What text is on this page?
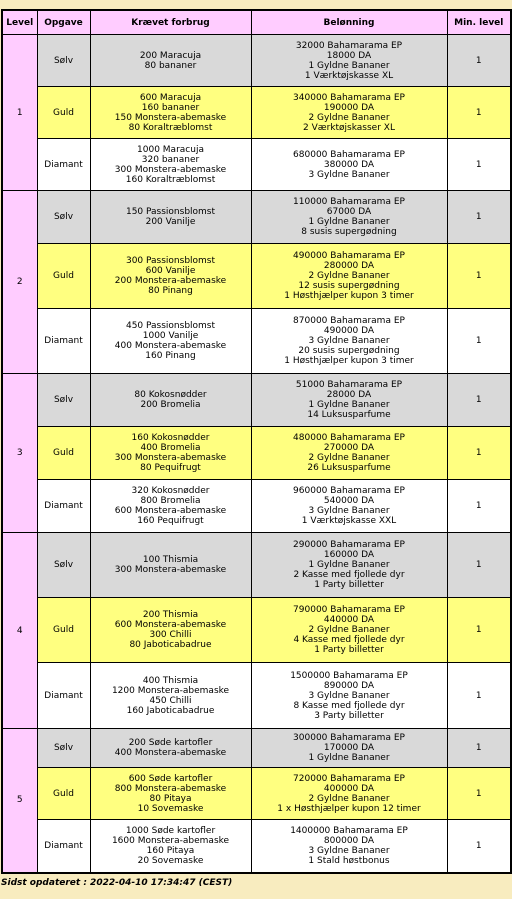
Level	Opgave	Krævet forbrug	Belønning	Min. level
1	Sølv	200 Maracuja
80 bananer	32000 Bahamarama EP
18000 DA
1 Gyldne Bananer
1 Værktøjskasse XL	1
	Guld	600 Maracuja
160 bananer
150 Monstera-abemaske
80 Koraltræblomst	340000 Bahamarama EP
190000 DA
2 Gyldne Bananer
2 Værktøjskasser XL	1
	Diamant	1000 Maracuja
320 bananer
300 Monstera-abemaske
160 Koraltræblomst	680000 Bahamarama EP
380000 DA
3 Gyldne Bananer	1
2	Sølv	150 Passionsblomst
200 Vanilje	110000 Bahamarama EP
67000 DA
1 Gyldne Bananer
8 susis supergødning	1
	Guld	300 Passionsblomst
600 Vanilje
200 Monstera-abemaske
80 Pinang	490000 Bahamarama EP
280000 DA
2 Gyldne Bananer
12 susis supergødning
1 Høsthjælper kupon 3 timer	1
	Diamant	450 Passionsblomst
1000 Vanilje
400 Monstera-abemaske
160 Pinang	870000 Bahamarama EP
490000 DA
3 Gyldne Bananer
20 susis supergødning
1 Høsthjælper kupon 3 timer	1
3	Sølv	80 Kokosnødder
200 Bromelia	51000 Bahamarama EP
28000 DA
1 Gyldne Bananer
14 Luksusparfume	1
	Guld	160 Kokosnødder
400 Bromelia
300 Monstera-abemaske
80 Pequifrugt	480000 Bahamarama EP
270000 DA
2 Gyldne Bananer
26 Luksusparfume	1
	Diamant	320 Kokosnødder
800 Bromelia
600 Monstera-abemaske
160 Pequifrugt	960000 Bahamarama EP
540000 DA
3 Gyldne Bananer
1 Værktøjskasse XXL	1
4	Sølv	100 Thismia
300 Monstera-abemaske	290000 Bahamarama EP
160000 DA
1 Gyldne Bananer
2 Kasse med fjollede dyr
1 Party billetter	1
	Guld	200 Thismia
600 Monstera-abemaske
300 Chilli
80 Jaboticabadrue	790000 Bahamarama EP
440000 DA
2 Gyldne Bananer
4 Kasse med fjollede dyr
1 Party billetter	1
	Diamant	400 Thismia
1200 Monstera-abemaske
450 Chilli
160 Jaboticabadrue	1500000 Bahamarama EP
890000 DA
3 Gyldne Bananer
8 Kasse med fjollede dyr
3 Party billetter	1
5	Sølv	200 Søde kartofler
400 Monstera-abemaske	300000 Bahamarama EP
170000 DA
1 Gyldne Bananer	1
	Guld	600 Søde kartofler
800 Monstera-abemaske
80 Pitaya
10 Sovemaske	720000 Bahamarama EP
400000 DA
2 Gyldne Bananer
1 x Høsthjælper kupon 12 timer	1
	Diamant	1000 Søde kartofler
1600 Monstera-abemaske
160 Pitaya
20 Sovemaske	1400000 Bahamarama EP
800000 DA
3 Gyldne Bananer
1 Stald høstbonus	1
Sidst opdateret : 2022-04-10 17:34:47 (CEST)
